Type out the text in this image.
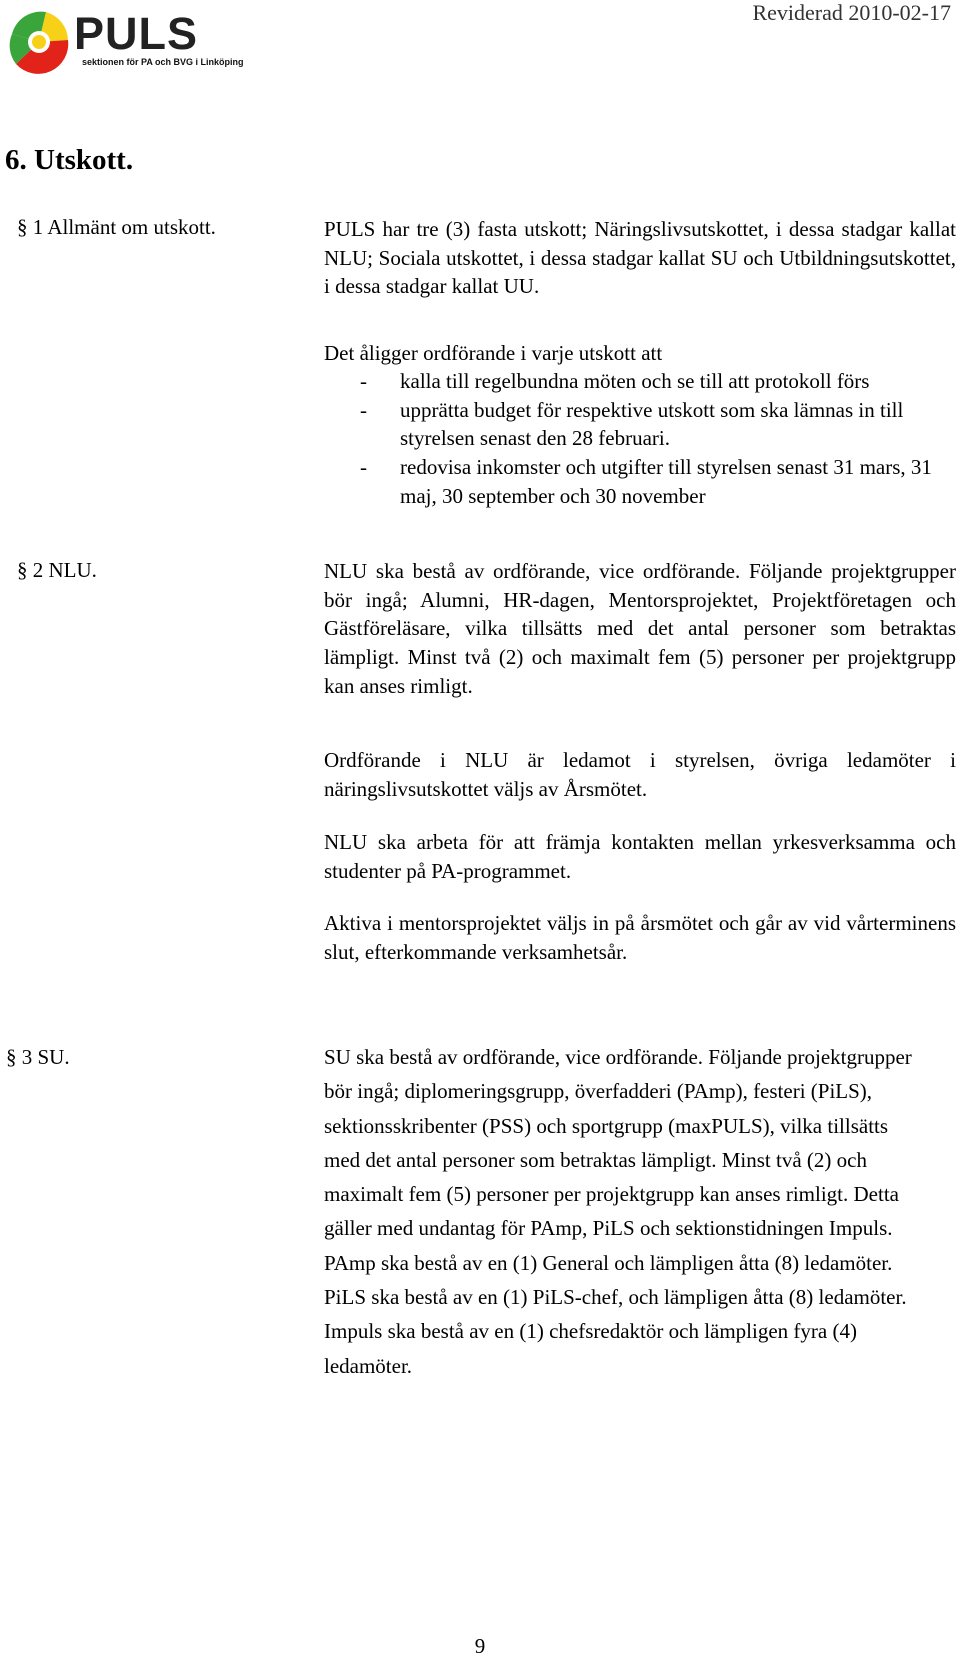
PULS
sektionen för PA och BVG i Linköping
Reviderad 2010-02-17
6. Utskott.
§ 1 Allmänt om utskott.	PULS har tre (3) fasta utskott; Näringslivsutskottet, i dessa stadgar kallat NLU; Sociala utskottet, i dessa stadgar kallat SU och Utbildningsutskottet, i dessa stadgar kallat UU.
Det åligger ordförande i varje utskott att

- kalla till regelbundna möten och se till att protokoll förs

- upprätta budget för respektive utskott som ska lämnas in till styrelsen senast den 28 februari.

- redovisa inkomster och utgifter till styrelsen senast 31 mars, 31 maj, 30 september och 30 november

§ 2 NLU.	NLU ska bestå av ordförande, vice ordförande. Följande projektgrupper bör ingå; Alumni, HR-dagen, Mentorsprojektet, Projektföretagen och Gästföreläsare, vilka tillsätts med det antal personer som betraktas lämpligt. Minst två (2) och maximalt fem (5) personer per projektgrupp kan anses rimligt.
Ordförande i NLU är ledamot i styrelsen, övriga ledamöter i näringslivsutskottet väljs av Årsmötet.
NLU ska arbeta för att främja kontakten mellan yrkesverksamma och studenter på PA-programmet.
Aktiva i mentorsprojektet väljs in på årsmötet och går av vid vårterminens slut, efterkommande verksamhetsår.
§ 3 SU.	SU ska bestå av ordförande, vice ordförande. Följande projektgrupper bör ingå; diplomeringsgrupp, överfadderi (PAmp), festeri (PiLS), sektionsskribenter (PSS) och sportgrupp (maxPULS), vilka tillsätts med det antal personer som betraktas lämpligt. Minst två (2) och maximalt fem (5) personer per projektgrupp kan anses rimligt. Detta gäller med undantag för PAmp, PiLS och sektionstidningen Impuls. PAmp ska bestå av en (1) General och lämpligen åtta (8) ledamöter. PiLS ska bestå av en (1) PiLS-chef, och lämpligen åtta (8) ledamöter. Impuls ska bestå av en (1) chefsredaktör och lämpligen fyra (4) ledamöter.
9
